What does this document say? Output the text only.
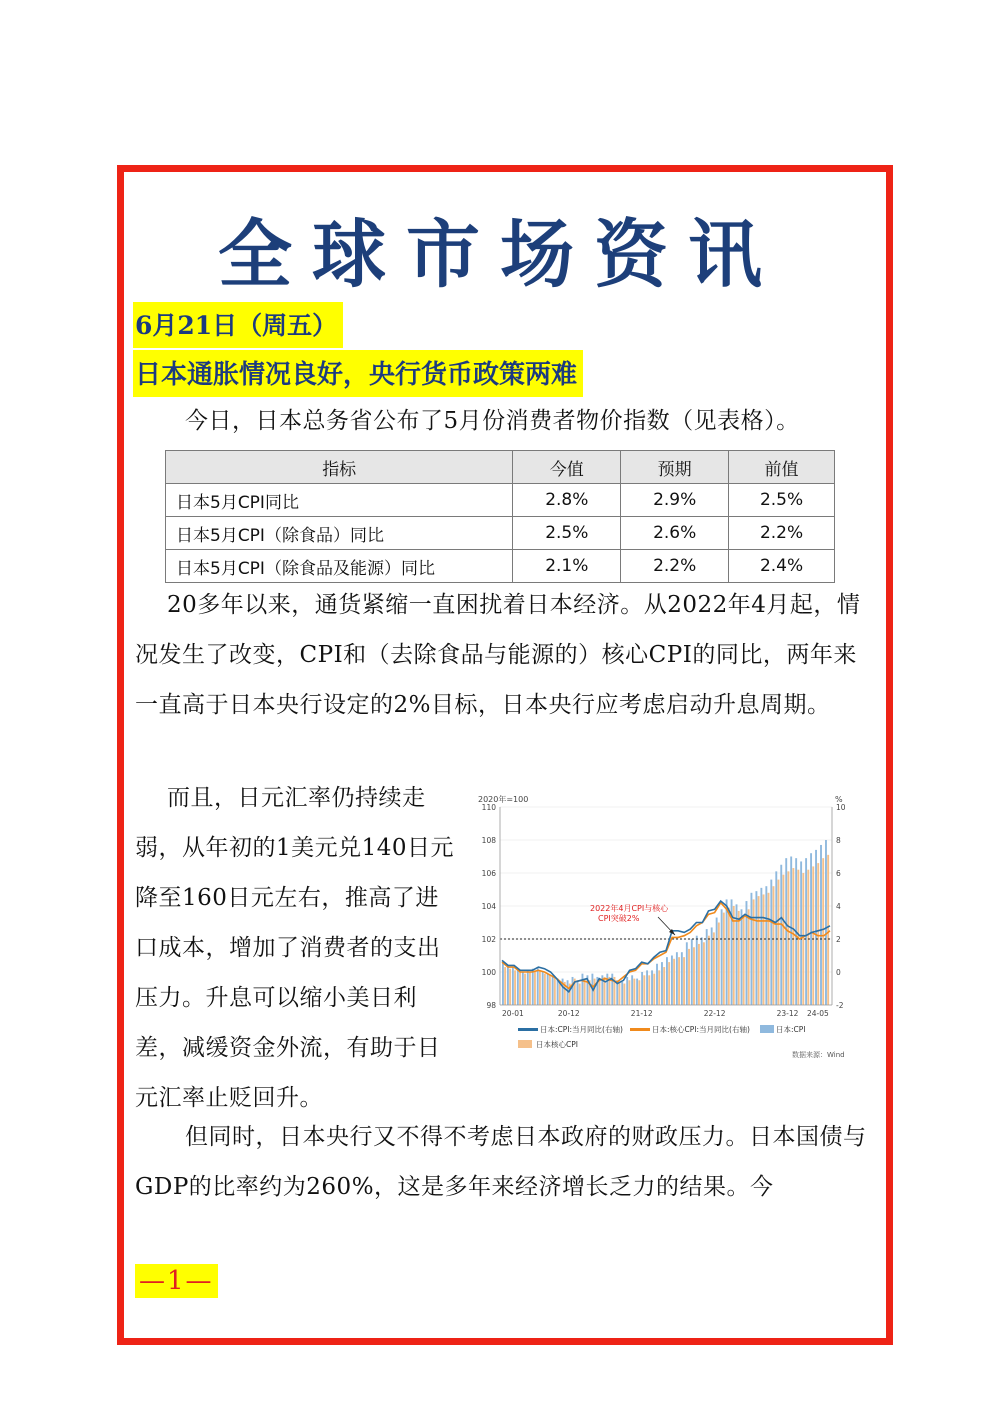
全球市场资讯
6月21日（周五）
日本通胀情况良好，央行货币政策两难
今日，日本总务省公布了5月份消费者物价指数（见表格）。
指标	今值	预期	前值
日本5月CPI同比	2.8%	2.9%	2.5%
日本5月CPI（除食品）同比	2.5%	2.6%	2.2%
日本5月CPI（除食品及能源）同比	2.1%	2.2%	2.4%
20多年以来，通货紧缩一直困扰着日本经济。从2022年4月起，情况发生了改变，CPI和（去除食品与能源的）核心CPI的同比，两年来一直高于日本央行设定的2%目标，日本央行应考虑启动升息周期。
而且，日元汇率仍持续走弱，从年初的1美元兑140日元降至160日元左右，推高了进口成本，增加了消费者的支出压力。升息可以缩小美日利差，减缓资金外流，有助于日元汇率止贬回升。
2020年=100	%
98
100
102
104
106
108
110
-2
0
2
4
6
8
10
20-01	20-12	21-12	22-12	23-12 24-05
2022年4月CPI与核心
CPI突破2%
日本:CPI:当月同比(右轴)	日本:核心CPI:当月同比(右轴)	日本:CPI
日本核心CPI
数据来源：Wind
但同时，日本央行又不得不考虑日本政府的财政压力。日本国债与GDP的比率约为260%，这是多年来经济增长乏力的结果。今
—1—
